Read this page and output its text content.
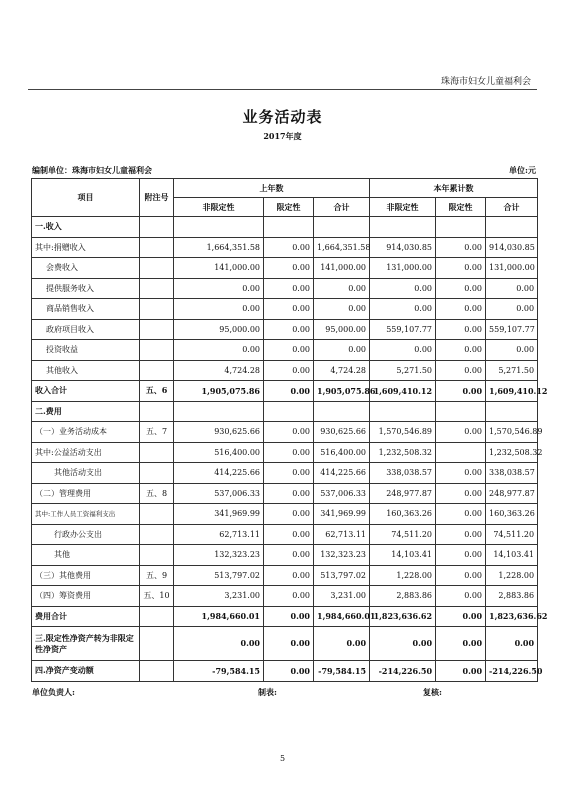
珠海市妇女儿童福利会
业务活动表
2017年度
编制单位：珠海市妇女儿童福利会	单位:元
项目	附注号	上年数			本年累计数		
		非限定性	限定性	合计	非限定性	限定性	合计
一.收入							
其中:捐赠收入		1,664,351.58	0.00	1,664,351.58	914,030.85	0.00	914,030.85
会费收入		141,000.00	0.00	141,000.00	131,000.00	0.00	131,000.00
提供服务收入		0.00	0.00	0.00	0.00	0.00	0.00
商品销售收入		0.00	0.00	0.00	0.00	0.00	0.00
政府项目收入		95,000.00	0.00	95,000.00	559,107.77	0.00	559,107.77
投资收益		0.00	0.00	0.00	0.00	0.00	0.00
其他收入		4,724.28	0.00	4,724.28	5,271.50	0.00	5,271.50
收入合计	五、6	1,905,075.86	0.00	1,905,075.86	1,609,410.12	0.00	1,609,410.12
二.费用							
（一）业务活动成本	五、7	930,625.66	0.00	930,625.66	1,570,546.89	0.00	1,570,546.89
其中:公益活动支出		516,400.00	0.00	516,400.00	1,232,508.32		1,232,508.32
其他活动支出		414,225.66	0.00	414,225.66	338,038.57	0.00	338,038.57
（二）管理费用	五、8	537,006.33	0.00	537,006.33	248,977.87	0.00	248,977.87
其中:工作人员工资福利支出		341,969.99	0.00	341,969.99	160,363.26	0.00	160,363.26
行政办公支出		62,713.11	0.00	62,713.11	74,511.20	0.00	74,511.20
其他		132,323.23	0.00	132,323.23	14,103.41	0.00	14,103.41
（三）其他费用	五、9	513,797.02	0.00	513,797.02	1,228.00	0.00	1,228.00
（四）筹资费用	五、10	3,231.00	0.00	3,231.00	2,883.86	0.00	2,883.86
费用合计		1,984,660.01	0.00	1,984,660.01	1,823,636.62	0.00	1,823,636.62
三.限定性净资产转为非限定性净资产		0.00	0.00	0.00	0.00	0.00	0.00
四.净资产变动额		-79,584.15	0.00	-79,584.15	-214,226.50	0.00	-214,226.50
单位负责人:	制表:	复核:
5
